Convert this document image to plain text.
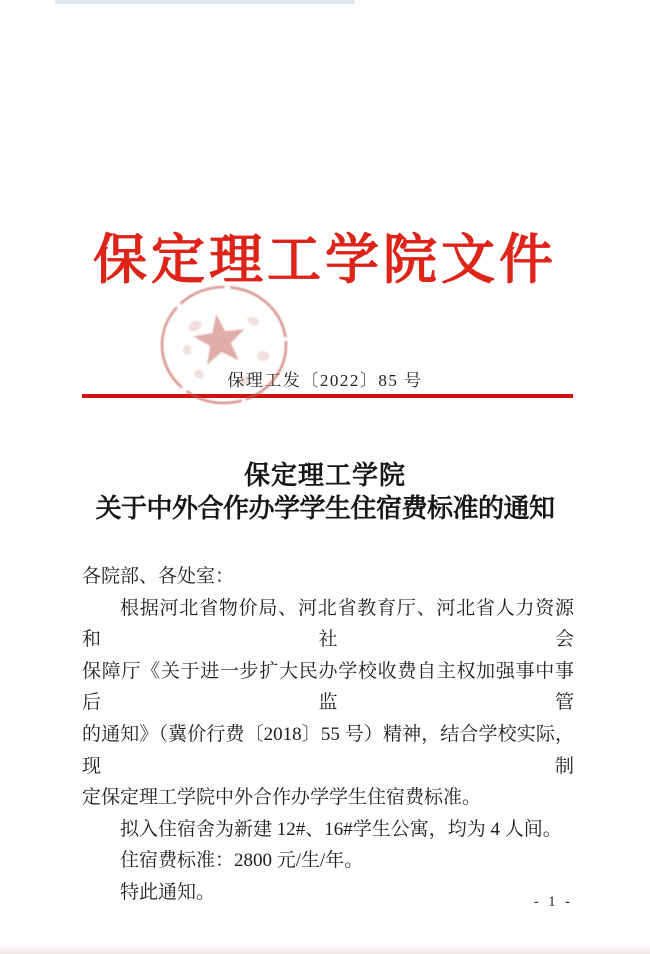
保定理工学院文件
保理工发〔2022〕85 号
保定理工学院
关于中外合作办学学生住宿费标准的通知

各院部、各处室：

根据河北省物价局、河北省教育厅、河北省人力资源和社会

保障厅《关于进一步扩大民办学校收费自主权加强事中事后监管

的通知》（冀价行费〔2018〕55 号）精神，结合学校实际，现制

定保定理工学院中外合作办学学生住宿费标准。

拟入住宿舍为新建 12#、16#学生公寓，均为 4 人间。

住宿费标准：2800 元/生/年。

特此通知。	- 1 -
